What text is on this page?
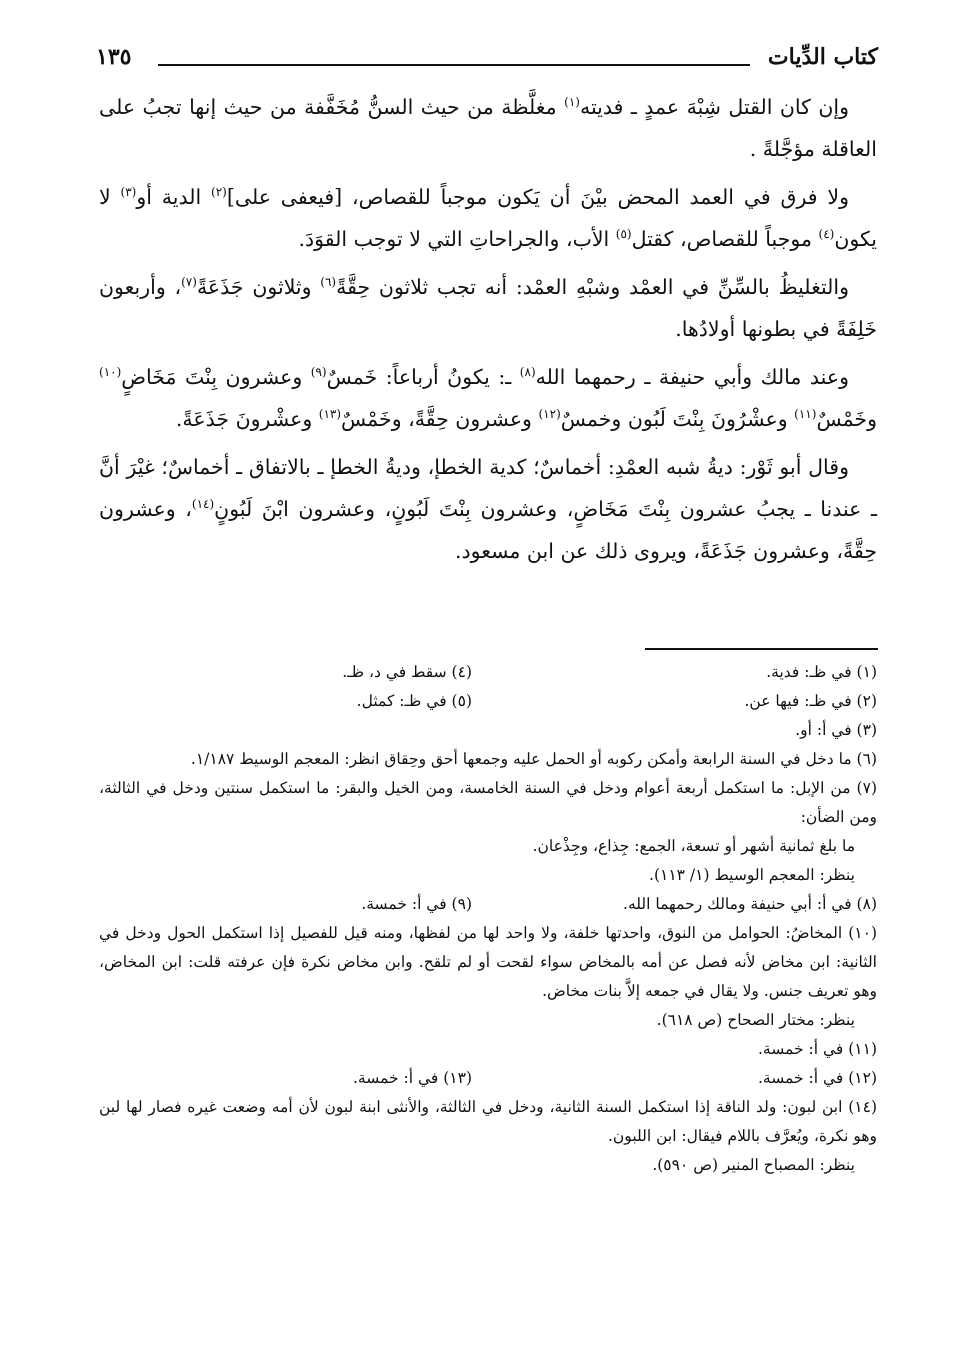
كتاب الدِّيات
١٣٥

وإن كان القتل شِبْهَ عمدٍ ـ فديته$^{(١)}$ مغلَّظة من حيث السنُّ مُخَفَّفة من حيث إنها تجبُ على العاقلة مؤجَّلةً .

ولا فرق في العمد المحض بيْنَ أن يَكون موجباً للقصاص، [فيعفى على]$^{(٢)}$ الدية أو$^{(٣)}$ لا يكون$^{(٤)}$ موجباً للقصاص، كقتل$^{(٥)}$ الأب، والجراحاتِ التي لا توجب القوَدَ.

والتغليظُ بالسِّنِّ في العمْد وشبْهِ العمْد: أنه تجب ثلاثون حِقَّةً$^{(٦)}$ وثلاثون جَذَعَةً$^{(٧)}$، وأربعون خَلِفَةً في بطونها أولادُها.

وعند مالك وأبي حنيفة ـ رحمهما الله$^{(٨)}$ ـ: يكونُ أرباعاً: خَمسٌ$^{(٩)}$ وعشرون بِنْتَ مَخَاضٍ$^{(١٠)}$ وخَمْسٌ$^{(١١)}$ وعشْرُونَ بِنْتَ لَبُون وخمسٌ$^{(١٢)}$ وعشرون حِقَّةً، وخَمْسٌ$^{(١٣)}$ وعشْرونَ جَذَعَةً.

وقال أبو ثَوْر: ديةُ شبه العمْدِ: أخماسٌ؛ كدية الخطإ، وديةُ الخطإ ـ بالاتفاق ـ أخماسٌ؛ غيْرَ أنَّ ـ عندنا ـ يجبُ عشرون بِنْتَ مَخَاضٍ، وعشرون بِنْتَ لَبُونٍ، وعشرون ابْنَ لَبُونٍ$^{(١٤)}$، وعشرون حِقَّةً، وعشرون جَذَعَةً، ويروى ذلك عن ابن مسعود.

(١) في ظـ: فدية.
(٤) سقط في د، ظـ.
(٢) في ظـ: فيها عن.
(٥) في ظـ: كمثل.

(٣) في أ: أو.

(٦) ما دخل في السنة الرابعة وأمكن ركوبه أو الحمل عليه وجمعها أحق وحِقاق انظر: المعجم الوسيط ١/١٨٧.

(٧) من الإبل: ما استكمل أربعة أعوام ودخل في السنة الخامسة، ومن الخيل والبقر: ما استكمل سنتين ودخل في الثالثة، ومن الضأن:

ما بلغ ثمانية أشهر أو تسعة، الجمع: جِذاع، وجِذْعان.

ينظر: المعجم الوسيط (١/ ١١٣).

(٨) في أ: أبي حنيفة ومالك رحمهما الله.
(٩) في أ: خمسة.

(١٠) المخاضُ: الحوامل من النوق، واحدتها خلفة، ولا واحد لها من لفظها، ومنه قيل للفصيل إذا استكمل الحول ودخل في الثانية: ابن مخاض لأنه فصل عن أمه بالمخاض سواء لقحت أو لم تلقح. وابن مخاض نكرة فإن عرفته قلت: ابن المخاض، وهو تعريف جنس. ولا يقال في جمعه إلاَّ بنات مخاض.

ينظر: مختار الصحاح (ص ٦١٨).

(١١) في أ: خمسة.

(١٢) في أ: خمسة.
(١٣) في أ: خمسة.

(١٤) ابن لبون: ولد الناقة إذا استكمل السنة الثانية، ودخل في الثالثة، والأنثى ابنة لبون لأن أمه وضعت غيره فصار لها لبن وهو نكرة، ويُعرَّف باللام فيقال: ابن اللبون.

ينظر: المصباح المنير (ص ٥٩٠).
